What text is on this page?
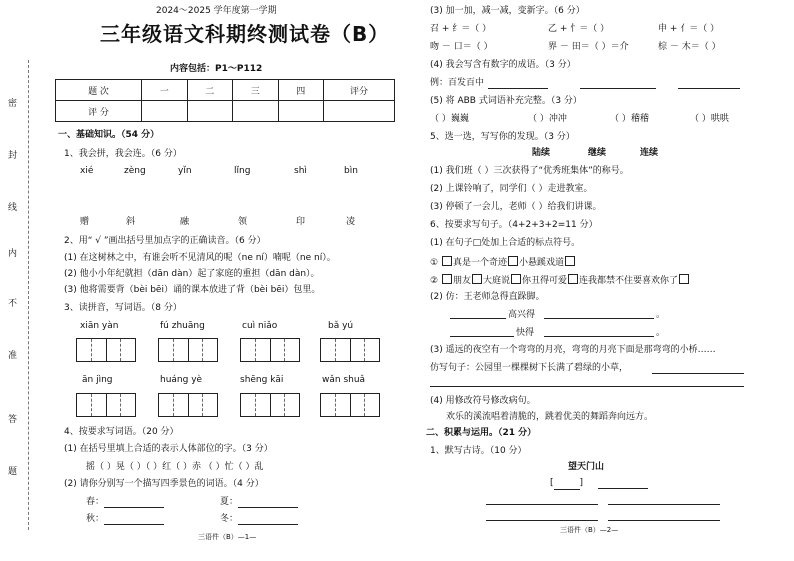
密
封
线
内
不
准
答
题
2024～2025 学年度第一学期
三年级语文科期终测试卷（B）
内容包括：P1～P112
题 次	一	二	三	四	评分
评 分					
一、基础知识。（54 分）
1、我会拼，我会连。（6 分）
xié	zèng	yǐn	lǐng	shì	bìn
赠	斜	融	领	印	凌
2、用“ √ ”画出括号里加点字的正确读音。（6 分）
(1) 在这树林之中，有谁会听不见清风的呢（ne ní）喃呢（ne ní）。
(2) 他小小年纪就担（dān dàn）起了家庭的重担（dān dàn）。
(3) 他将需要背（bèi bēi）诵的课本放进了背（bèi bēi）包里。
3、读拼音，写词语。（8 分）
xiān yàn	fú zhuāng	cuì niǎo	bǎ yú
ān jìng	huáng yè	shēng kāi	wǎn shuǎ
4、按要求写词语。（20 分）
(1) 在括号里填上合适的表示人体部位的字。（3 分）
摇（ ）晃（ ）（ ）红（ ）赤 （ ）忙（ ）乱
(2) 请你分别写一个描写四季景色的词语。（4 分）
春：	夏：
秋：	冬：
三语件（B）—1—
(3) 加一加，减一减，变新字。（6 分）
召 + 纟＝（ ）	乙 + 忄＝（ ）	申 + 亻＝（ ）
吻 － 口＝（ ）	界 － 田＝（ ）＝介	棕 － 木＝（ ）
(4) 我会写含有数字的成语。（3 分）
例：百发百中
(5) 将 ABB 式词语补充完整。（3 分）
（ ）巍巍	（ ）冲冲	（ ）稽稽	（ ）哄哄
5、选一选，写写你的发现。（3 分）
陆续	继续	连续
(1) 我们班（ ）三次获得了“优秀班集体”的称号。
(2) 上课铃响了，同学们（ ）走进教室。
(3) 停顿了一会儿，老师（ ）给我们讲课。
6、按要求写句子。（4+2+3+2=11 分）
(1) 在句子□处加上合适的标点符号。
① 真是一个奇迹 小悬蹊戏道
② 朋友 大庭说 你丑得可爱 连我都禁不住要喜欢你了
(2) 仿：王老师急得直跺脚。
高兴得	。
快得	。
(3) 遥远的夜空有一个弯弯的月亮，弯弯的月亮下面是那弯弯的小桥……
仿写句子：公园里一棵棵树下长满了碧绿的小草，
(4) 用修改符号修改病句。
欢乐的溪流唱着清脆的，跳着优美的舞蹈奔向远方。
二、积累与运用。（21 分）
1、默写古诗。（10 分）
望天门山
[	]
三语件（B）—2—
